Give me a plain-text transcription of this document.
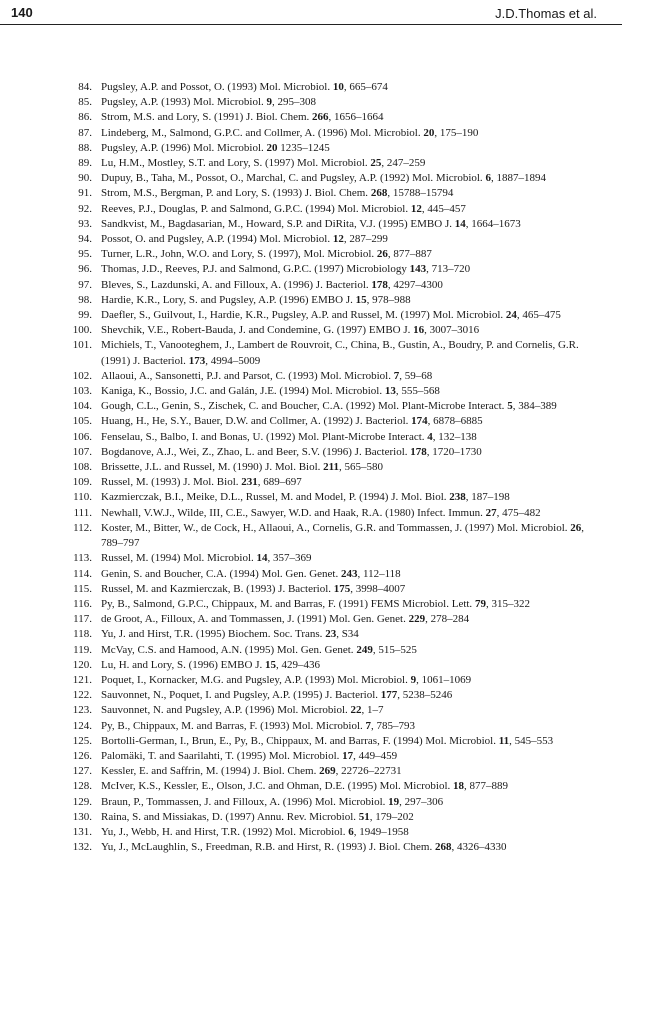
140	J.D.Thomas et al.
84. Pugsley, A.P. and Possot, O. (1993) Mol. Microbiol. 10, 665–674
85. Pugsley, A.P. (1993) Mol. Microbiol. 9, 295–308
86. Strom, M.S. and Lory, S. (1991) J. Biol. Chem. 266, 1656–1664
87. Lindeberg, M., Salmond, G.P.C. and Collmer, A. (1996) Mol. Microbiol. 20, 175–190
88. Pugsley, A.P. (1996) Mol. Microbiol. 20 1235–1245
89. Lu, H.M., Mostley, S.T. and Lory, S. (1997) Mol. Microbiol. 25, 247–259
90. Dupuy, B., Taha, M., Possot, O., Marchal, C. and Pugsley, A.P. (1992) Mol. Microbiol. 6, 1887–1894
91. Strom, M.S., Bergman, P. and Lory, S. (1993) J. Biol. Chem. 268, 15788–15794
92. Reeves, P.J., Douglas, P. and Salmond, G.P.C. (1994) Mol. Microbiol. 12, 445–457
93. Sandkvist, M., Bagdasarian, M., Howard, S.P. and DiRita, V.J. (1995) EMBO J. 14, 1664–1673
94. Possot, O. and Pugsley, A.P. (1994) Mol. Microbiol. 12, 287–299
95. Turner, L.R., John, W.O. and Lory, S. (1997), Mol. Microbiol. 26, 877–887
96. Thomas, J.D., Reeves, P.J. and Salmond, G.P.C. (1997) Microbiology 143, 713–720
97. Bleves, S., Lazdunski, A. and Filloux, A. (1996) J. Bacteriol. 178, 4297–4300
98. Hardie, K.R., Lory, S. and Pugsley, A.P. (1996) EMBO J. 15, 978–988
99. Daefler, S., Guilvout, I., Hardie, K.R., Pugsley, A.P. and Russel, M. (1997) Mol. Microbiol. 24, 465–475
100. Shevchik, V.E., Robert-Bauda, J. and Condemine, G. (1997) EMBO J. 16, 3007–3016
101. Michiels, T., Vanooteghem, J., Lambert de Rouvroit, C., China, B., Gustin, A., Boudry, P. and Cornelis, G.R. (1991) J. Bacteriol. 173, 4994–5009
102. Allaoui, A., Sansonetti, P.J. and Parsot, C. (1993) Mol. Microbiol. 7, 59–68
103. Kaniga, K., Bossio, J.C. and Galán, J.E. (1994) Mol. Microbiol. 13, 555–568
104. Gough, C.L., Genin, S., Zischek, C. and Boucher, C.A. (1992) Mol. Plant-Microbe Interact. 5, 384–389
105. Huang, H., He, S.Y., Bauer, D.W. and Collmer, A. (1992) J. Bacteriol. 174, 6878–6885
106. Fenselau, S., Balbo, I. and Bonas, U. (1992) Mol. Plant-Microbe Interact. 4, 132–138
107. Bogdanove, A.J., Wei, Z., Zhao, L. and Beer, S.V. (1996) J. Bacteriol. 178, 1720–1730
108. Brissette, J.L. and Russel, M. (1990) J. Mol. Biol. 211, 565–580
109. Russel, M. (1993) J. Mol. Biol. 231, 689–697
110. Kazmierczak, B.I., Meike, D.L., Russel, M. and Model, P. (1994) J. Mol. Biol. 238, 187–198
111. Newhall, V.W.J., Wilde, III, C.E., Sawyer, W.D. and Haak, R.A. (1980) Infect. Immun. 27, 475–482
112. Koster, M., Bitter, W., de Cock, H., Allaoui, A., Cornelis, G.R. and Tommassen, J. (1997) Mol. Microbiol. 26, 789–797
113. Russel, M. (1994) Mol. Microbiol. 14, 357–369
114. Genin, S. and Boucher, C.A. (1994) Mol. Gen. Genet. 243, 112–118
115. Russel, M. and Kazmierczak, B. (1993) J. Bacteriol. 175, 3998–4007
116. Py, B., Salmond, G.P.C., Chippaux, M. and Barras, F. (1991) FEMS Microbiol. Lett. 79, 315–322
117. de Groot, A., Filloux, A. and Tommassen, J. (1991) Mol. Gen. Genet. 229, 278–284
118. Yu, J. and Hirst, T.R. (1995) Biochem. Soc. Trans. 23, S34
119. McVay, C.S. and Hamood, A.N. (1995) Mol. Gen. Genet. 249, 515–525
120. Lu, H. and Lory, S. (1996) EMBO J. 15, 429–436
121. Poquet, I., Kornacker, M.G. and Pugsley, A.P. (1993) Mol. Microbiol. 9, 1061–1069
122. Sauvonnet, N., Poquet, I. and Pugsley, A.P. (1995) J. Bacteriol. 177, 5238–5246
123. Sauvonnet, N. and Pugsley, A.P. (1996) Mol. Microbiol. 22, 1–7
124. Py, B., Chippaux, M. and Barras, F. (1993) Mol. Microbiol. 7, 785–793
125. Bortolli-German, I., Brun, E., Py, B., Chippaux, M. and Barras, F. (1994) Mol. Microbiol. 11, 545–553
126. Palomäki, T. and Saarilahti, T. (1995) Mol. Microbiol. 17, 449–459
127. Kessler, E. and Saffrin, M. (1994) J. Biol. Chem. 269, 22726–22731
128. McIver, K.S., Kessler, E., Olson, J.C. and Ohman, D.E. (1995) Mol. Microbiol. 18, 877–889
129. Braun, P., Tommassen, J. and Filloux, A. (1996) Mol. Microbiol. 19, 297–306
130. Raina, S. and Missiakas, D. (1997) Annu. Rev. Microbiol. 51, 179–202
131. Yu, J., Webb, H. and Hirst, T.R. (1992) Mol. Microbiol. 6, 1949–1958
132. Yu, J., McLaughlin, S., Freedman, R.B. and Hirst, R. (1993) J. Biol. Chem. 268, 4326–4330
